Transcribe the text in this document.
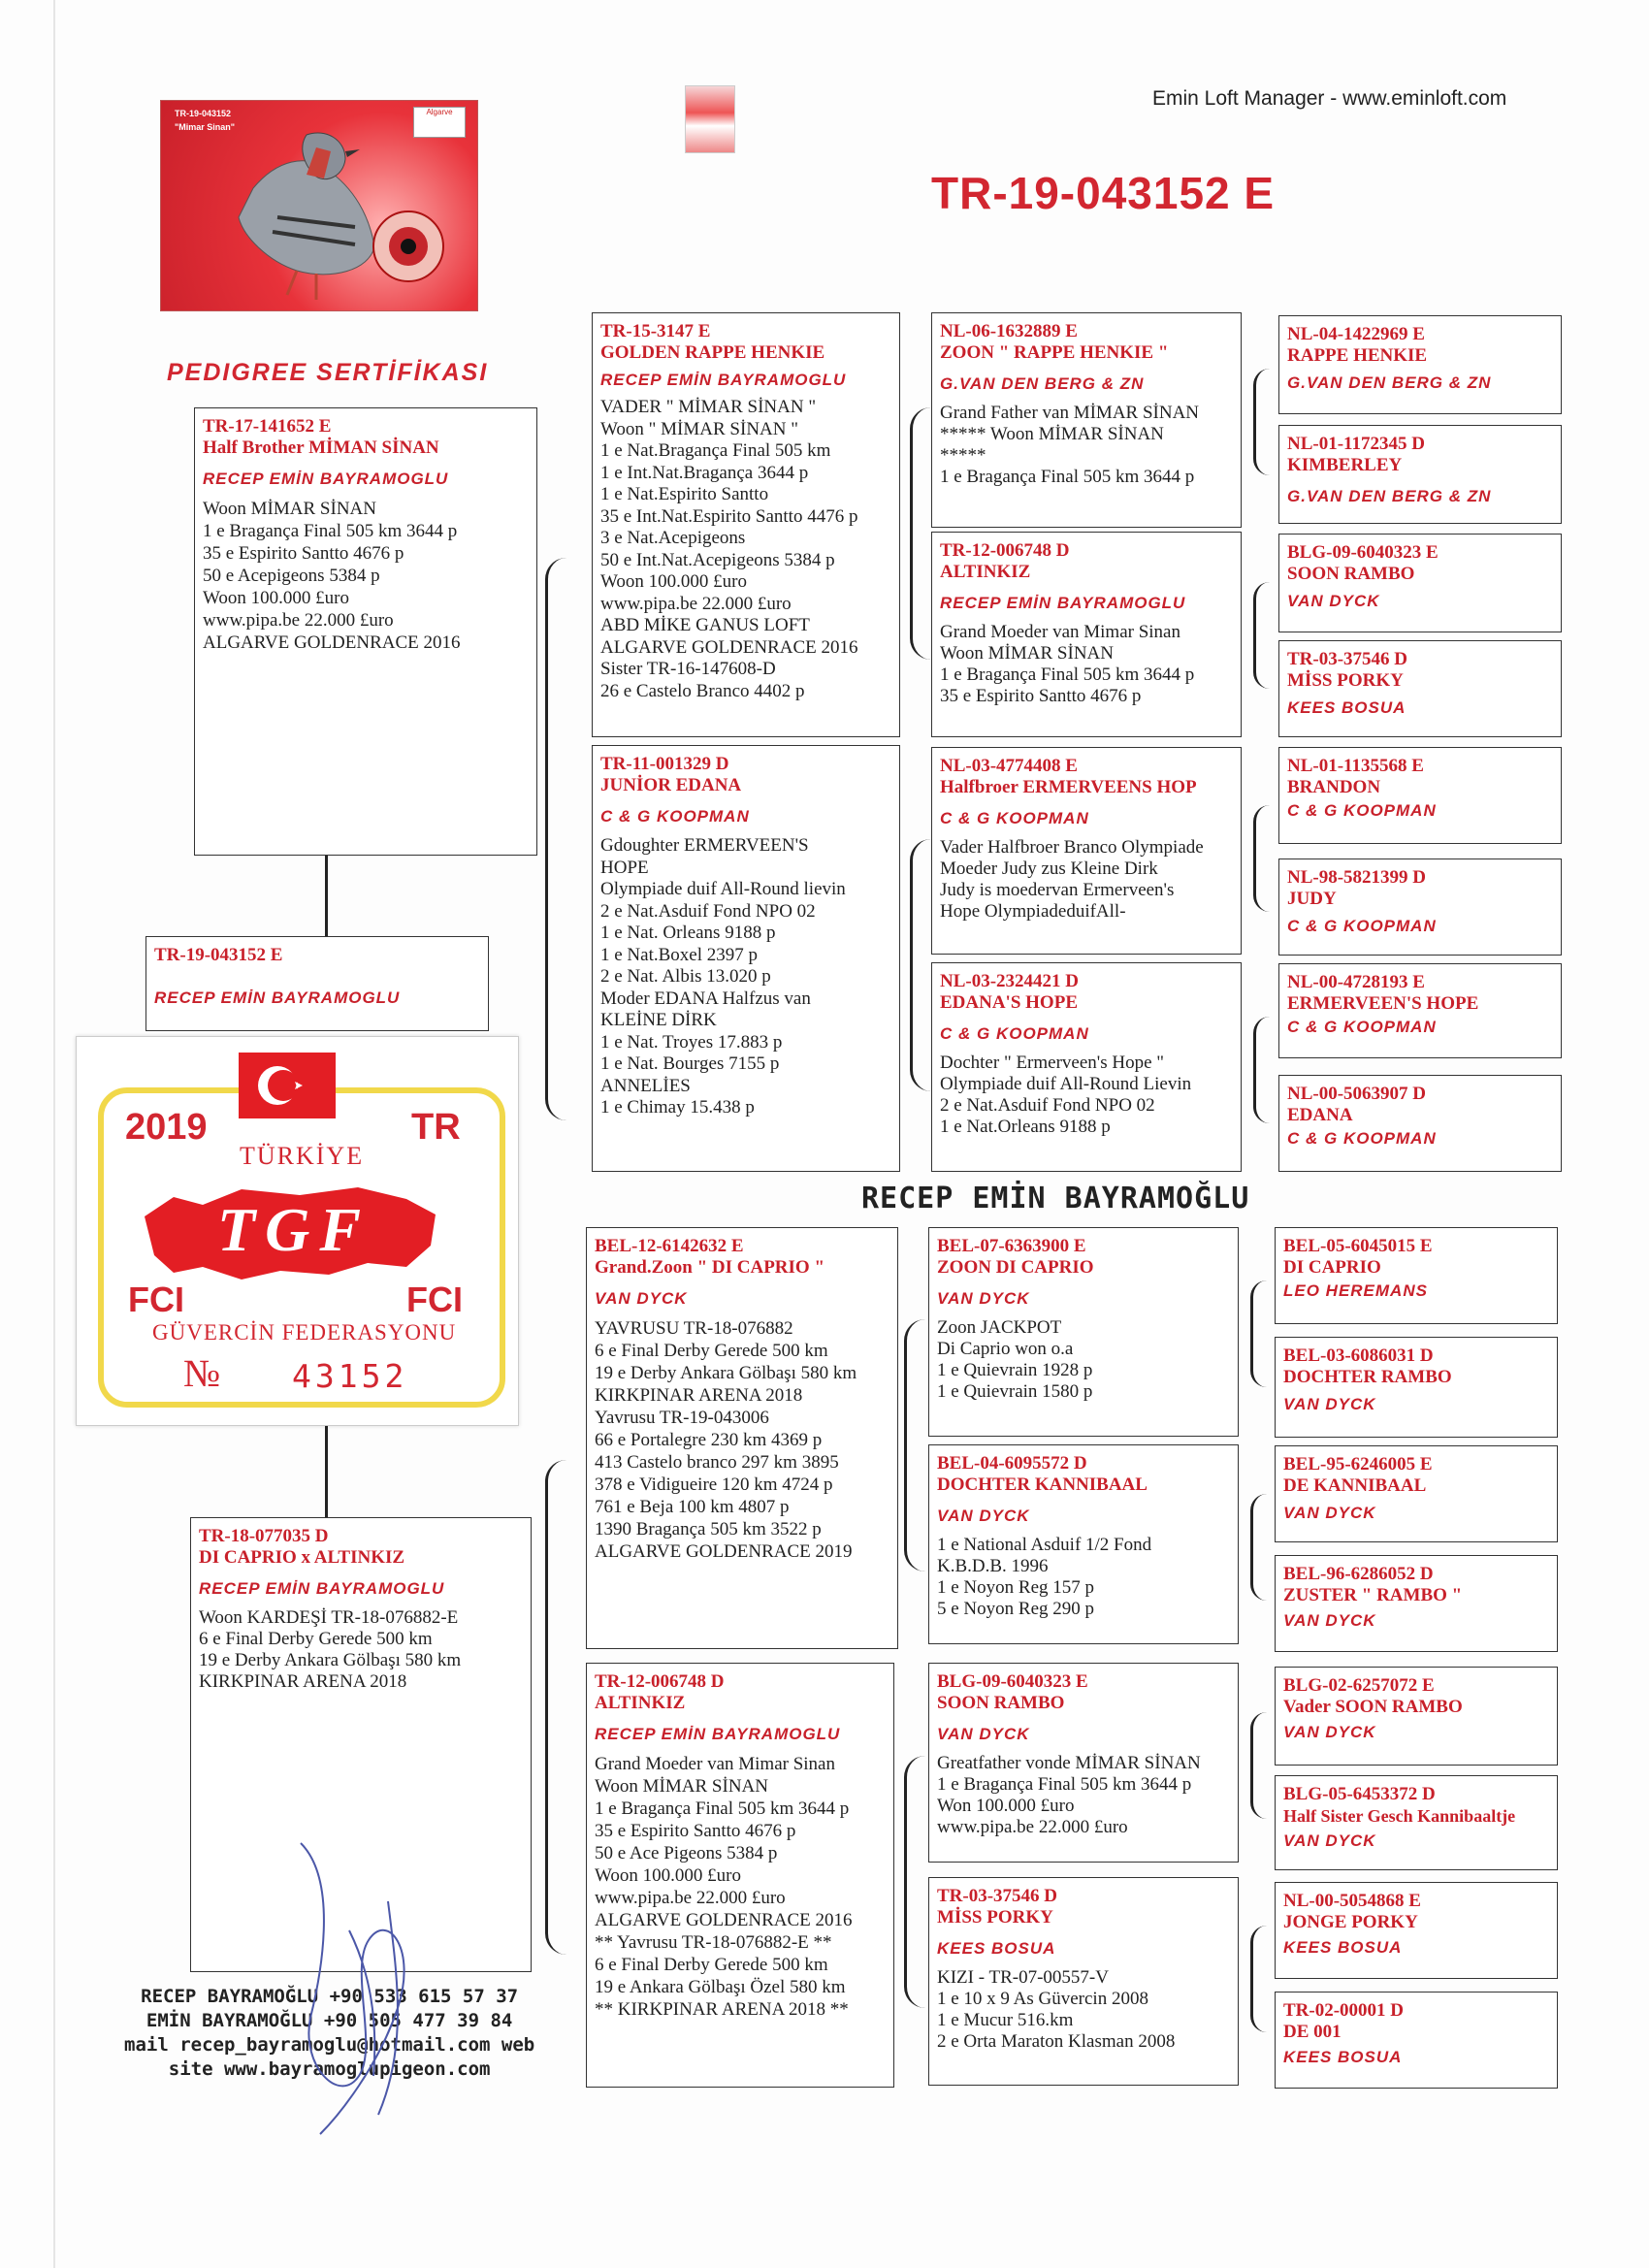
Emin Loft Manager - www.eminloft.com
TR-19-043152 E
PEDIGREE SERTİFİKASI
RECEP EMİN BAYRAMOĞLU
TR-19-043152
"Mimar Sinan"
Algarve
TR-19-043152 E
RECEP EMİN BAYRAMOGLU
TR-17-141652 E
Half Brother MİMAN SİNAN
RECEP EMİN BAYRAMOGLU
Woon MİMAR SİNAN
1 e Bragança Final 505 km 3644 p
35 e Espirito Santto 4676 p
50 e Acepigeons 5384 p
Woon 100.000 £uro
www.pipa.be 22.000 £uro
ALGARVE GOLDENRACE 2016
TR-18-077035 D
DI CAPRIO x ALTINKIZ
RECEP EMİN BAYRAMOGLU
Woon KARDEŞİ TR-18-076882-E
6 e Final Derby Gerede 500 km
19 e Derby Ankara Gölbaşı 580 km
KIRKPINAR ARENA 2018
TR-15-3147 E
GOLDEN RAPPE HENKIE
RECEP EMİN BAYRAMOGLU
VADER " MİMAR SİNAN "
Woon " MİMAR SİNAN "
1 e Nat.Bragança Final 505 km
1 e Int.Nat.Bragança 3644 p
1 e Nat.Espirito Santto
35 e Int.Nat.Espirito Santto 4476 p
3 e Nat.Acepigeons
50 e Int.Nat.Acepigeons 5384 p
Woon 100.000 £uro
www.pipa.be 22.000 £uro
ABD MİKE GANUS LOFT
ALGARVE GOLDENRACE 2016
Sister TR-16-147608-D
26 e Castelo Branco 4402 p
TR-11-001329 D
JUNİOR EDANA
C & G KOOPMAN
Gdoughter ERMERVEEN'S
HOPE
Olympiade duif All-Round lievin
2 e Nat.Asduif Fond NPO 02
1 e Nat. Orleans 9188 p
1 e Nat.Boxel 2397 p
2 e Nat. Albis 13.020 p
Moder EDANA Halfzus van
KLEİNE DİRK
1 e Nat. Troyes 17.883 p
1 e Nat. Bourges 7155 p
ANNELİES
1 e Chimay 15.438 p
BEL-12-6142632 E
Grand.Zoon " DI CAPRIO "
VAN DYCK
YAVRUSU TR-18-076882
6 e Final Derby Gerede 500 km
19 e Derby Ankara Gölbaşı 580 km
KIRKPINAR ARENA 2018
Yavrusu TR-19-043006
66 e Portalegre 230 km 4369 p
413 Castelo branco 297 km 3895
378 e Vidigueire 120 km 4724 p
761 e Beja 100 km 4807 p
1390 Bragança 505 km 3522 p
ALGARVE GOLDENRACE 2019
TR-12-006748 D
ALTINKIZ
RECEP EMİN BAYRAMOGLU
Grand Moeder van Mimar Sinan
Woon MİMAR SİNAN
1 e Bragança Final 505 km 3644 p
35 e Espirito Santto 4676 p
50 e Ace Pigeons 5384 p
Woon 100.000 £uro
www.pipa.be 22.000 £uro
ALGARVE GOLDENRACE 2016
** Yavrusu TR-18-076882-E **
6 e Final Derby Gerede 500 km
19 e Ankara Gölbaşı Özel 580 km
** KIRKPINAR ARENA 2018 **
NL-06-1632889 E
ZOON " RAPPE HENKIE "
G.VAN DEN BERG & ZN
Grand Father van MİMAR SİNAN
***** Woon MİMAR SİNAN
*****
1 e Bragança Final 505 km 3644 p
TR-12-006748 D
ALTINKIZ
RECEP EMİN BAYRAMOGLU
Grand Moeder van Mimar Sinan
Woon MİMAR SİNAN
1 e Bragança Final 505 km 3644 p
35 e Espirito Santto 4676 p
NL-03-4774408 E
Halfbroer ERMERVEENS HOP
C & G KOOPMAN
Vader Halfbroer Branco Olympiade
Moeder Judy zus Kleine Dirk
Judy is moedervan Ermerveen's
Hope OlympiadeduifAll-
NL-03-2324421 D
EDANA'S HOPE
C & G KOOPMAN
Dochter " Ermerveen's Hope "
Olympiade duif All-Round Lievin
2 e Nat.Asduif Fond NPO 02
1 e Nat.Orleans 9188 p
BEL-07-6363900 E
ZOON DI CAPRIO
VAN DYCK
Zoon JACKPOT
Di Caprio won o.a
1 e Quievrain 1928 p
1 e Quievrain 1580 p
BEL-04-6095572 D
DOCHTER KANNIBAAL
VAN DYCK
1 e National Asduif 1/2 Fond
K.B.D.B. 1996
1 e Noyon Reg 157 p
5 e Noyon Reg 290 p
BLG-09-6040323 E
SOON RAMBO
VAN DYCK
Greatfather vonde MİMAR SİNAN
1 e Bragança Final 505 km 3644 p
Won 100.000 £uro
www.pipa.be 22.000 £uro
TR-03-37546 D
MİSS PORKY
KEES BOSUA
KIZI - TR-07-00557-V
1 e 10 x 9 As Güvercin 2008
1 e Mucur 516.km
2 e Orta Maraton Klasman 2008
NL-04-1422969 E
RAPPE HENKIE
G.VAN DEN BERG & ZN
NL-01-1172345 D
KIMBERLEY
G.VAN DEN BERG & ZN
BLG-09-6040323 E
SOON RAMBO
VAN DYCK
TR-03-37546 D
MİSS PORKY
KEES BOSUA
NL-01-1135568 E
BRANDON
C & G KOOPMAN
NL-98-5821399 D
JUDY
C & G KOOPMAN
NL-00-4728193 E
ERMERVEEN'S HOPE
C & G KOOPMAN
NL-00-5063907 D
EDANA
C & G KOOPMAN
BEL-05-6045015 E
DI CAPRIO
LEO HEREMANS
BEL-03-6086031 D
DOCHTER RAMBO
VAN DYCK
BEL-95-6246005 E
DE KANNIBAAL
VAN DYCK
BEL-96-6286052 D
ZUSTER " RAMBO "
VAN DYCK
BLG-02-6257072 E
Vader SOON RAMBO
VAN DYCK
BLG-05-6453372 D
Half Sister Gesch Kannibaaltje
VAN DYCK
NL-00-5054868 E
JONGE PORKY
KEES BOSUA
TR-02-00001 D
DE 001
KEES BOSUA
2019	TR
TÜRKİYE
TGF
FCI	FCI
GÜVERCİN FEDERASYONU
№ 43152
RECEP BAYRAMOĞLU +90 533 615 57 37
EMİN BAYRAMOĞLU +90 505 477 39 84
mail recep_bayramoglu@hotmail.com web
site www.bayramoglupigeon.com
